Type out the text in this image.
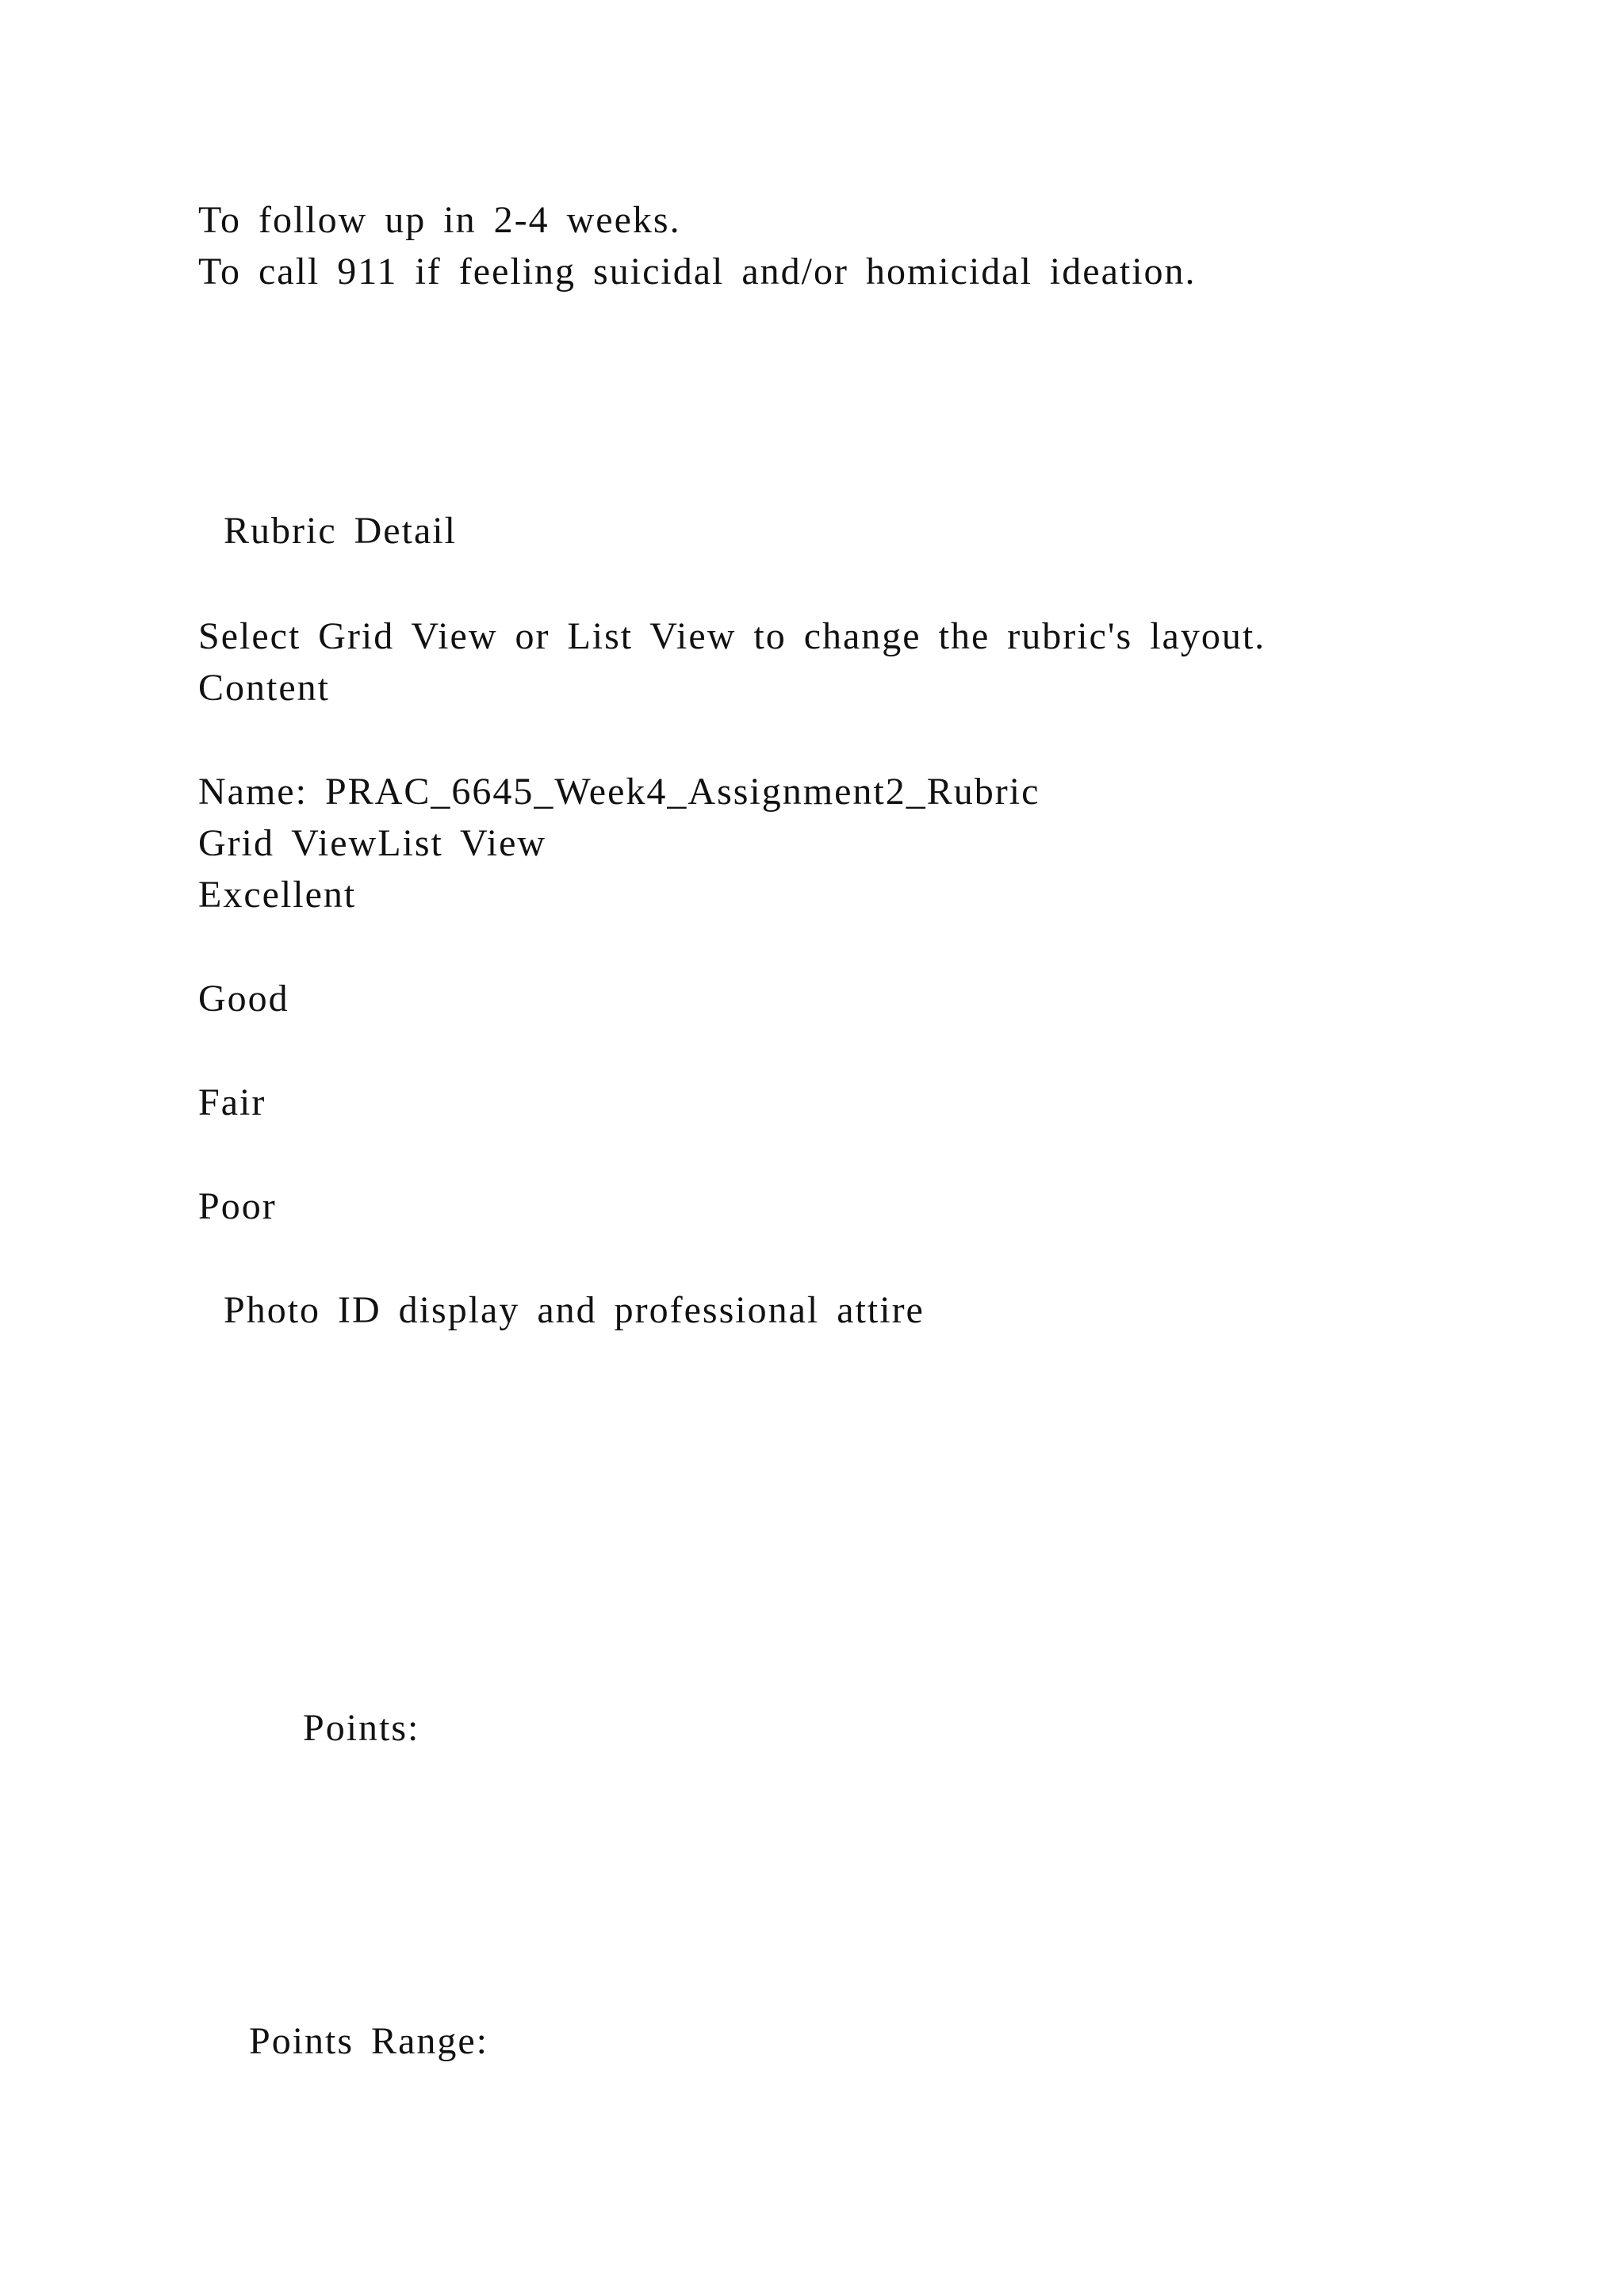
To follow up in 2-4 weeks.
To call 911 if feeling suicidal and/or homicidal ideation.
Rubric Detail
Select Grid View or List View to change the rubric's layout.
Content
Name: PRAC_6645_Week4_Assignment2_Rubric
Grid ViewList View
Excellent
Good
Fair
Poor
Photo ID display and professional attire
Points:
Points Range:
